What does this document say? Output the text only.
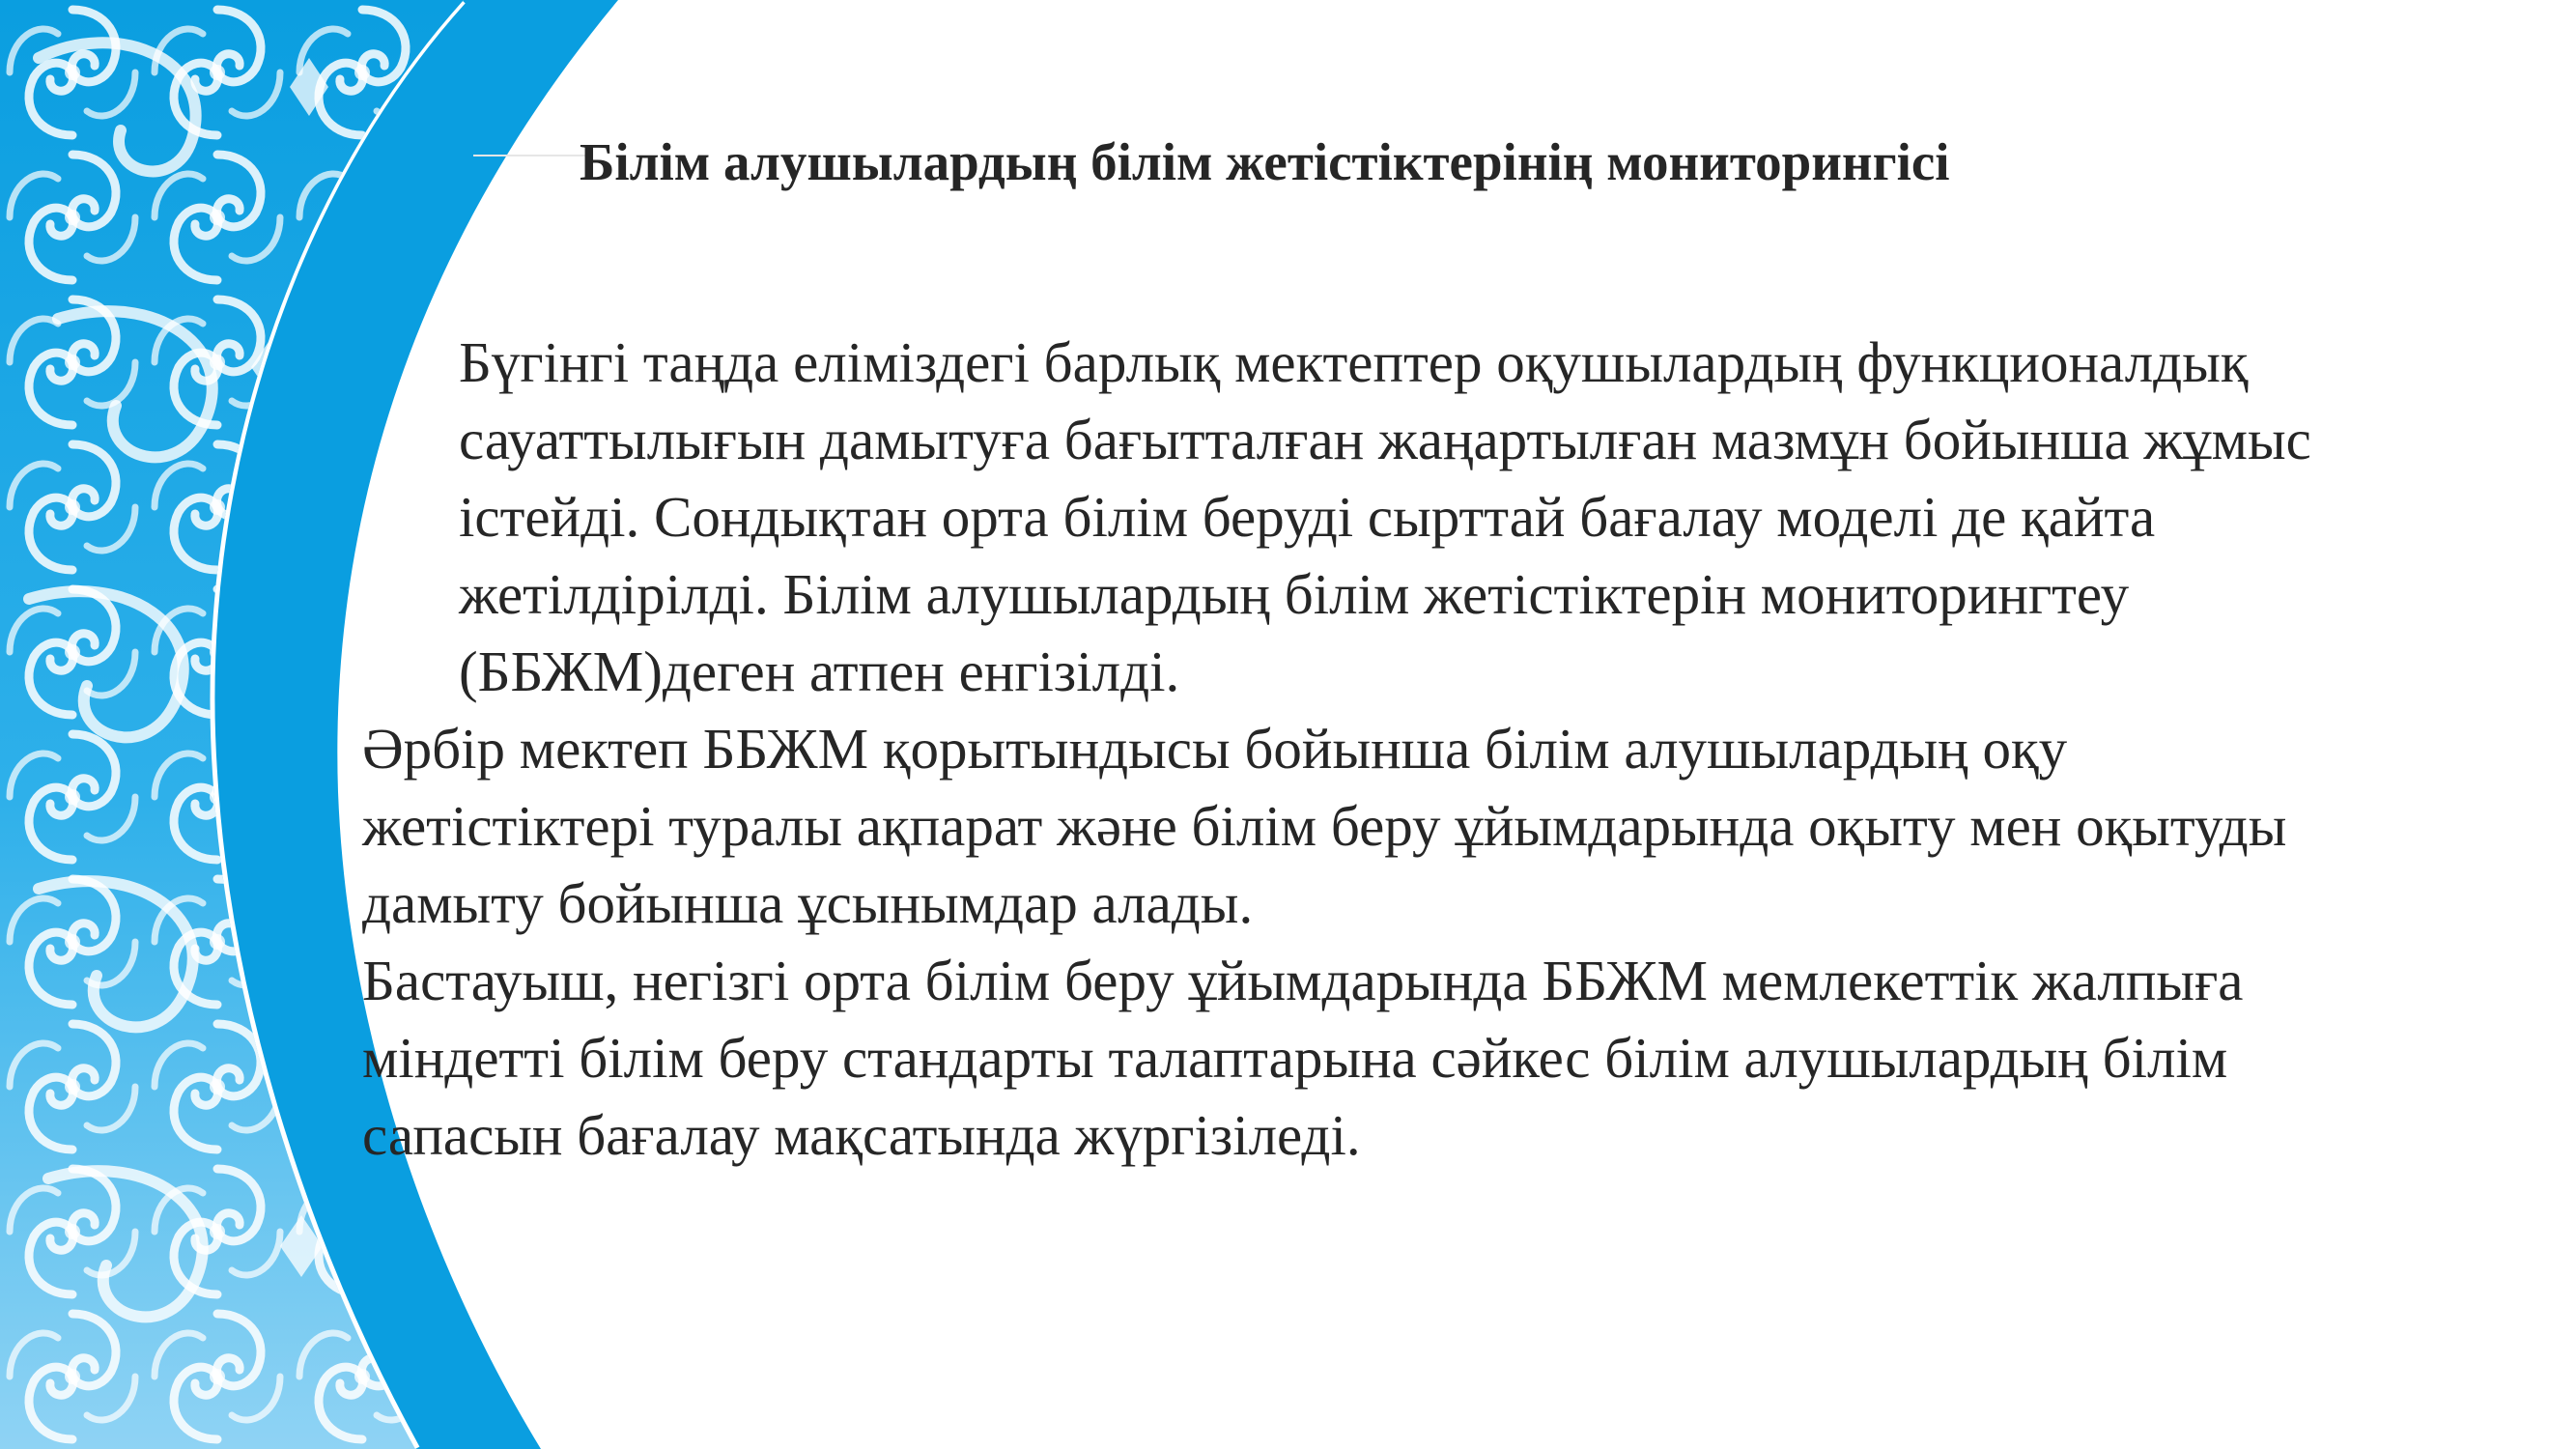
Білім алушылардың білім жетістіктерінің мониторингісі

Бүгінгі таңда еліміздегі барлық мектептер оқушылардың функционалдық сауаттылығын дамытуға бағытталған жаңартылған мазмұн бойынша жұмыс істейді. Сондықтан орта білім беруді сырттай бағалау моделі де қайта жетілдірілді. Білім алушылардың білім жетістіктерін мониторингтеу (ББЖМ)деген атпен енгізілді.

Әрбір мектеп ББЖМ қорытындысы бойынша білім алушылардың оқу жетістіктері туралы ақпарат және білім беру ұйымдарында оқыту мен оқытуды дамыту бойынша ұсынымдар алады.

Бастауыш, негізгі орта білім беру ұйымдарында ББЖМ мемлекеттік жалпыға міндетті білім беру стандарты талаптарына сәйкес білім алушылардың білім сапасын бағалау мақсатында жүргізіледі.
